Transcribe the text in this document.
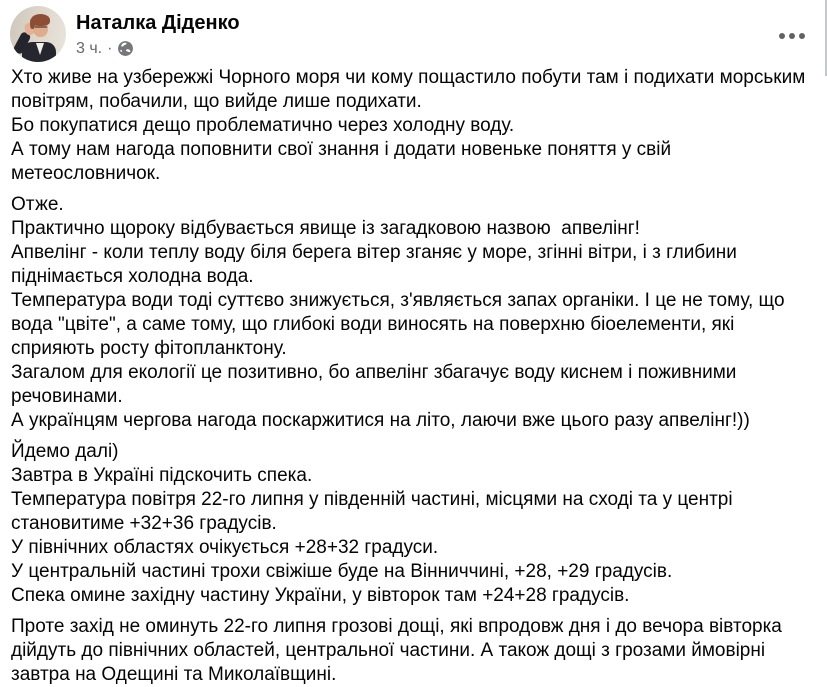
Наталка Діденко
3 ч. ·
Хто живе на узбережжі Чорного моря чи кому пощастило побути там і подихати морським повітрям, побачили, що вийде лише подихати.
Бо покупатися дещо проблематично через холодну воду.
А тому нам нагода поповнити свої знання і додати новеньке поняття у свій метеословничок.
Отже.
Практично щороку відбувається явище із загадковою назвою  апвелінг!
Апвелінг - коли теплу воду біля берега вітер зганяє у море, згінні вітри, і з глибини піднімається холодна вода.
Температура води тоді суттєво знижується, з'являється запах органіки. І це не тому, що вода "цвіте", а саме тому, що глибокі води виносять на поверхню біоелементи, які сприяють росту фітопланктону.
Загалом для екології це позитивно, бо апвелінг збагачує воду киснем і поживними речовинами.
А українцям чергова нагода поскаржитися на літо, лаючи вже цього разу апвелінг!))
Йдемо далі)
Завтра в Україні підскочить спека.
Температура повітря 22-го липня у південній частині, місцями на сході та у центрі становитиме +32+36 градусів.
У північних областях очікується +28+32 градуси.
У центральній частині трохи свіжіше буде на Вінниччині, +28, +29 градусів.
Спека омине західну частину України, у вівторок там +24+28 градусів.
Проте захід не оминуть 22-го липня грозові дощі, які впродовж дня і до вечора вівторка дійдуть до північних областей, центральної частини. А також дощі з грозами ймовірні завтра на Одещині та Миколаївщині.
